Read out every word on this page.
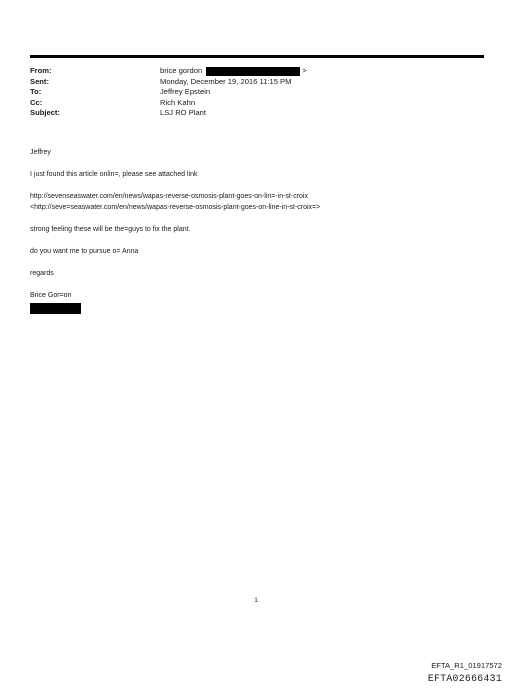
From:	brice gordon	>
Sent:	Monday, December 19, 2016 11:15 PM
To:	Jeffrey Epstein
Cc:	Rich Kahn
Subject:	LSJ RO Plant

Jeffrey

I just found this article onlin=, please see attached link

http://sevenseaswater.com/en/news/wapas-reverse-osmosis-plant-goes-on-lin=-in-st-croix

<http://seve=seaswater.com/en/news/wapas-reverse-osmosis-plant-goes-on-line-in-st-croix=>

strong feeling these will be the=guys to fix the plant.

do you want me to pursue o= Anna

regards

Brice Gor=on

1
EFTA_R1_01917572
EFTA02666431
